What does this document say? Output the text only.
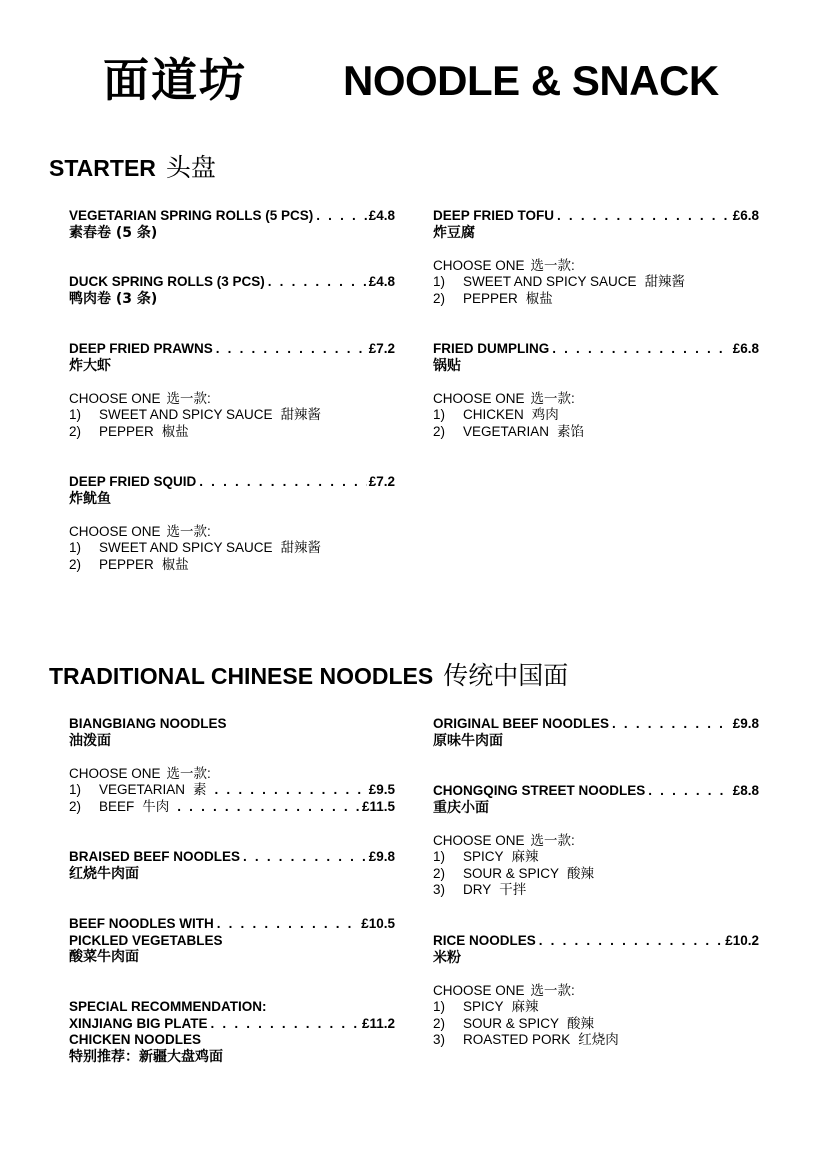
面道坊 NOODLE & SNACK
STARTER 头盘
VEGETARIAN SPRING ROLLS (5 PCS) . . .	£4.8
素春卷 (5 条)
DUCK SPRING ROLLS (3 PCS) . . .	£4.8
鸭肉卷 (3 条)
DEEP FRIED PRAWNS . . .	£7.2
炸大虾
CHOOSE ONE 选一款:
1)	SWEET AND SPICY SAUCE 甜辣酱
2)	PEPPER 椒盐
DEEP FRIED SQUID . . .	£7.2
炸鱿鱼
CHOOSE ONE 选一款:
1)	SWEET AND SPICY SAUCE 甜辣酱
2)	PEPPER 椒盐
DEEP FRIED TOFU . . .	£6.8
炸豆腐
CHOOSE ONE 选一款:
1)	SWEET AND SPICY SAUCE 甜辣酱
2)	PEPPER 椒盐
FRIED DUMPLING . . .	£6.8
锅贴
CHOOSE ONE 选一款:
1)	CHICKEN 鸡肉
2)	VEGETARIAN 素馅
TRADITIONAL CHINESE NOODLES 传统中国面
BIANGBIANG NOODLES
油泼面
CHOOSE ONE 选一款:
1)	VEGETARIAN 素 . . .	£9.5
2)	BEEF 牛肉 . . .	£11.5
BRAISED BEEF NOODLES . . .	£9.8
红烧牛肉面
BEEF NOODLES WITH . . .	£10.5
PICKLED VEGETABLES
酸菜牛肉面
SPECIAL RECOMMENDATION:
XINJIANG BIG PLATE . . .	£11.2
CHICKEN NOODLES
特别推荐：新疆大盘鸡面
ORIGINAL BEEF NOODLES . . .	£9.8
原味牛肉面
CHONGQING STREET NOODLES . . .	£8.8
重庆小面
CHOOSE ONE 选一款:
1)	SPICY 麻辣
2)	SOUR & SPICY 酸辣
3)	DRY 干拌
RICE NOODLES . . .	£10.2
米粉
CHOOSE ONE 选一款:
1)	SPICY 麻辣
2)	SOUR & SPICY 酸辣
3)	ROASTED PORK 红烧肉
